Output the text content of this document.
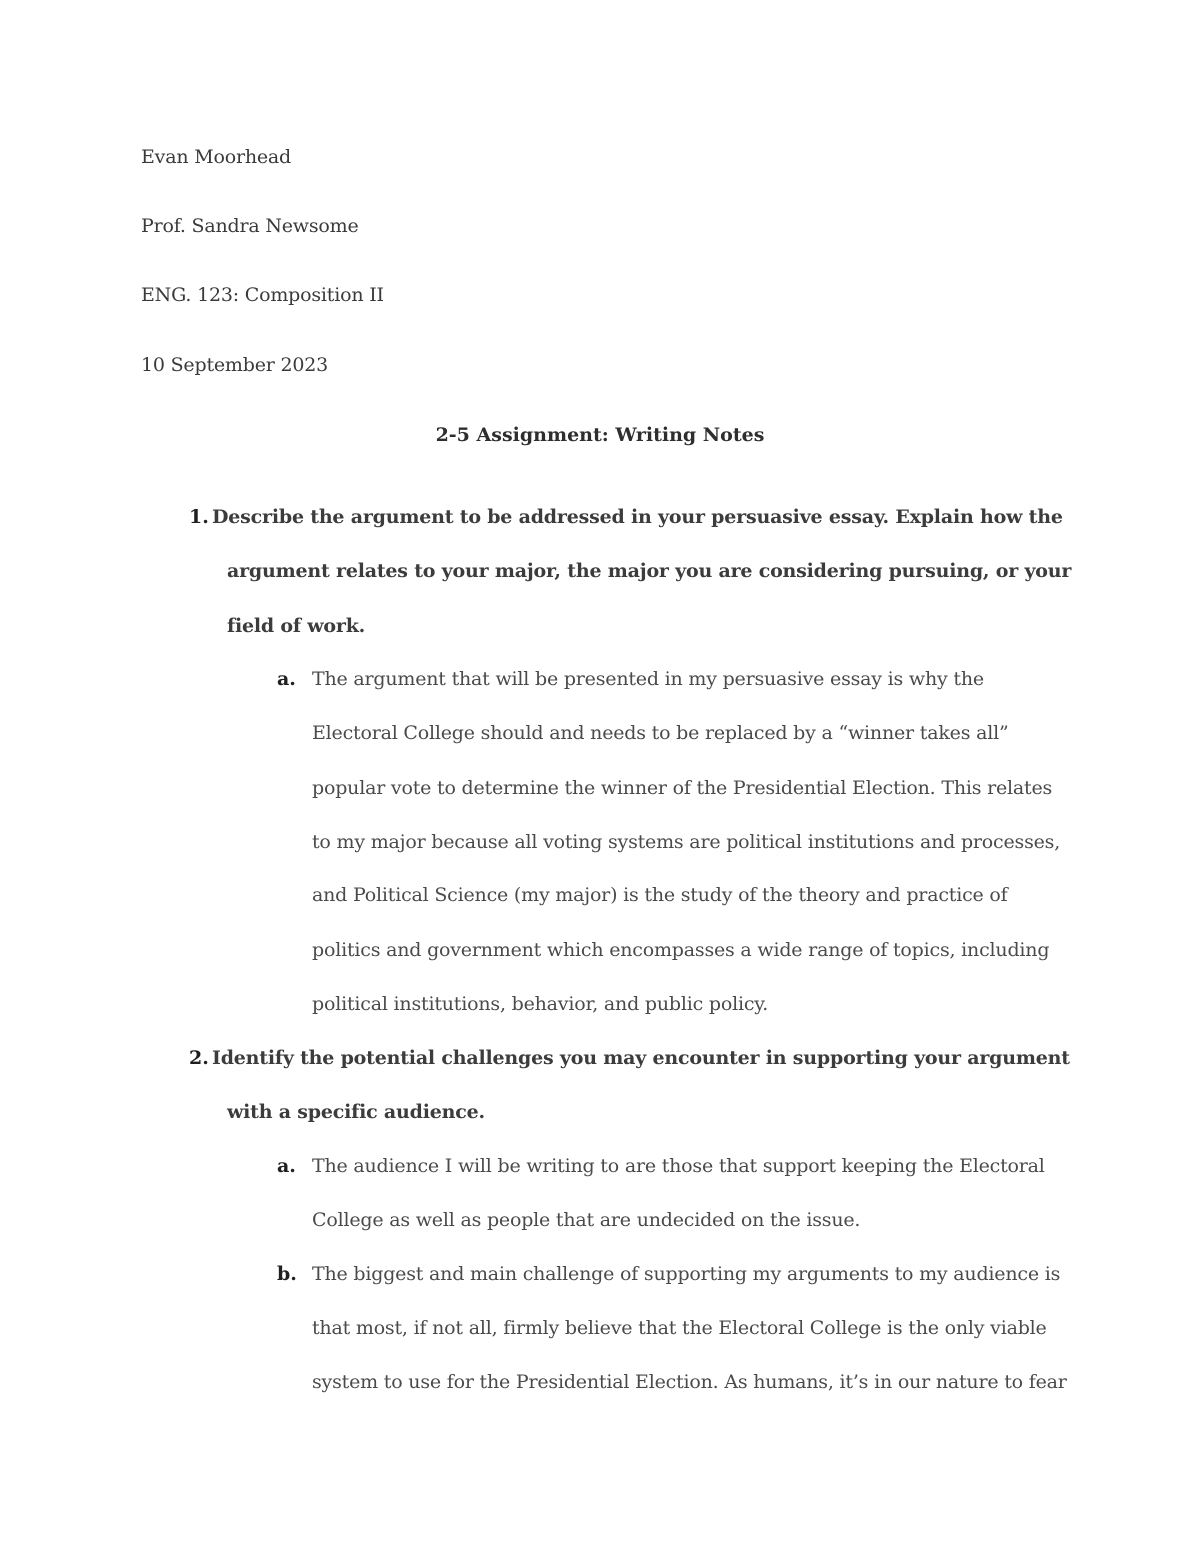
Evan Moorhead
Prof. Sandra Newsome
ENG. 123: Composition II
10 September 2023
2-5 Assignment: Writing Notes
1. Describe the argument to be addressed in your persuasive essay. Explain how the
argument relates to your major, the major you are considering pursuing, or your
field of work.
a. The argument that will be presented in my persuasive essay is why the
Electoral College should and needs to be replaced by a “winner takes all”
popular vote to determine the winner of the Presidential Election. This relates
to my major because all voting systems are political institutions and processes,
and Political Science (my major) is the study of the theory and practice of
politics and government which encompasses a wide range of topics, including
political institutions, behavior, and public policy.
2. Identify the potential challenges you may encounter in supporting your argument
with a specific audience.
a. The audience I will be writing to are those that support keeping the Electoral
College as well as people that are undecided on the issue.
b. The biggest and main challenge of supporting my arguments to my audience is
that most, if not all, firmly believe that the Electoral College is the only viable
system to use for the Presidential Election. As humans, it’s in our nature to fear
